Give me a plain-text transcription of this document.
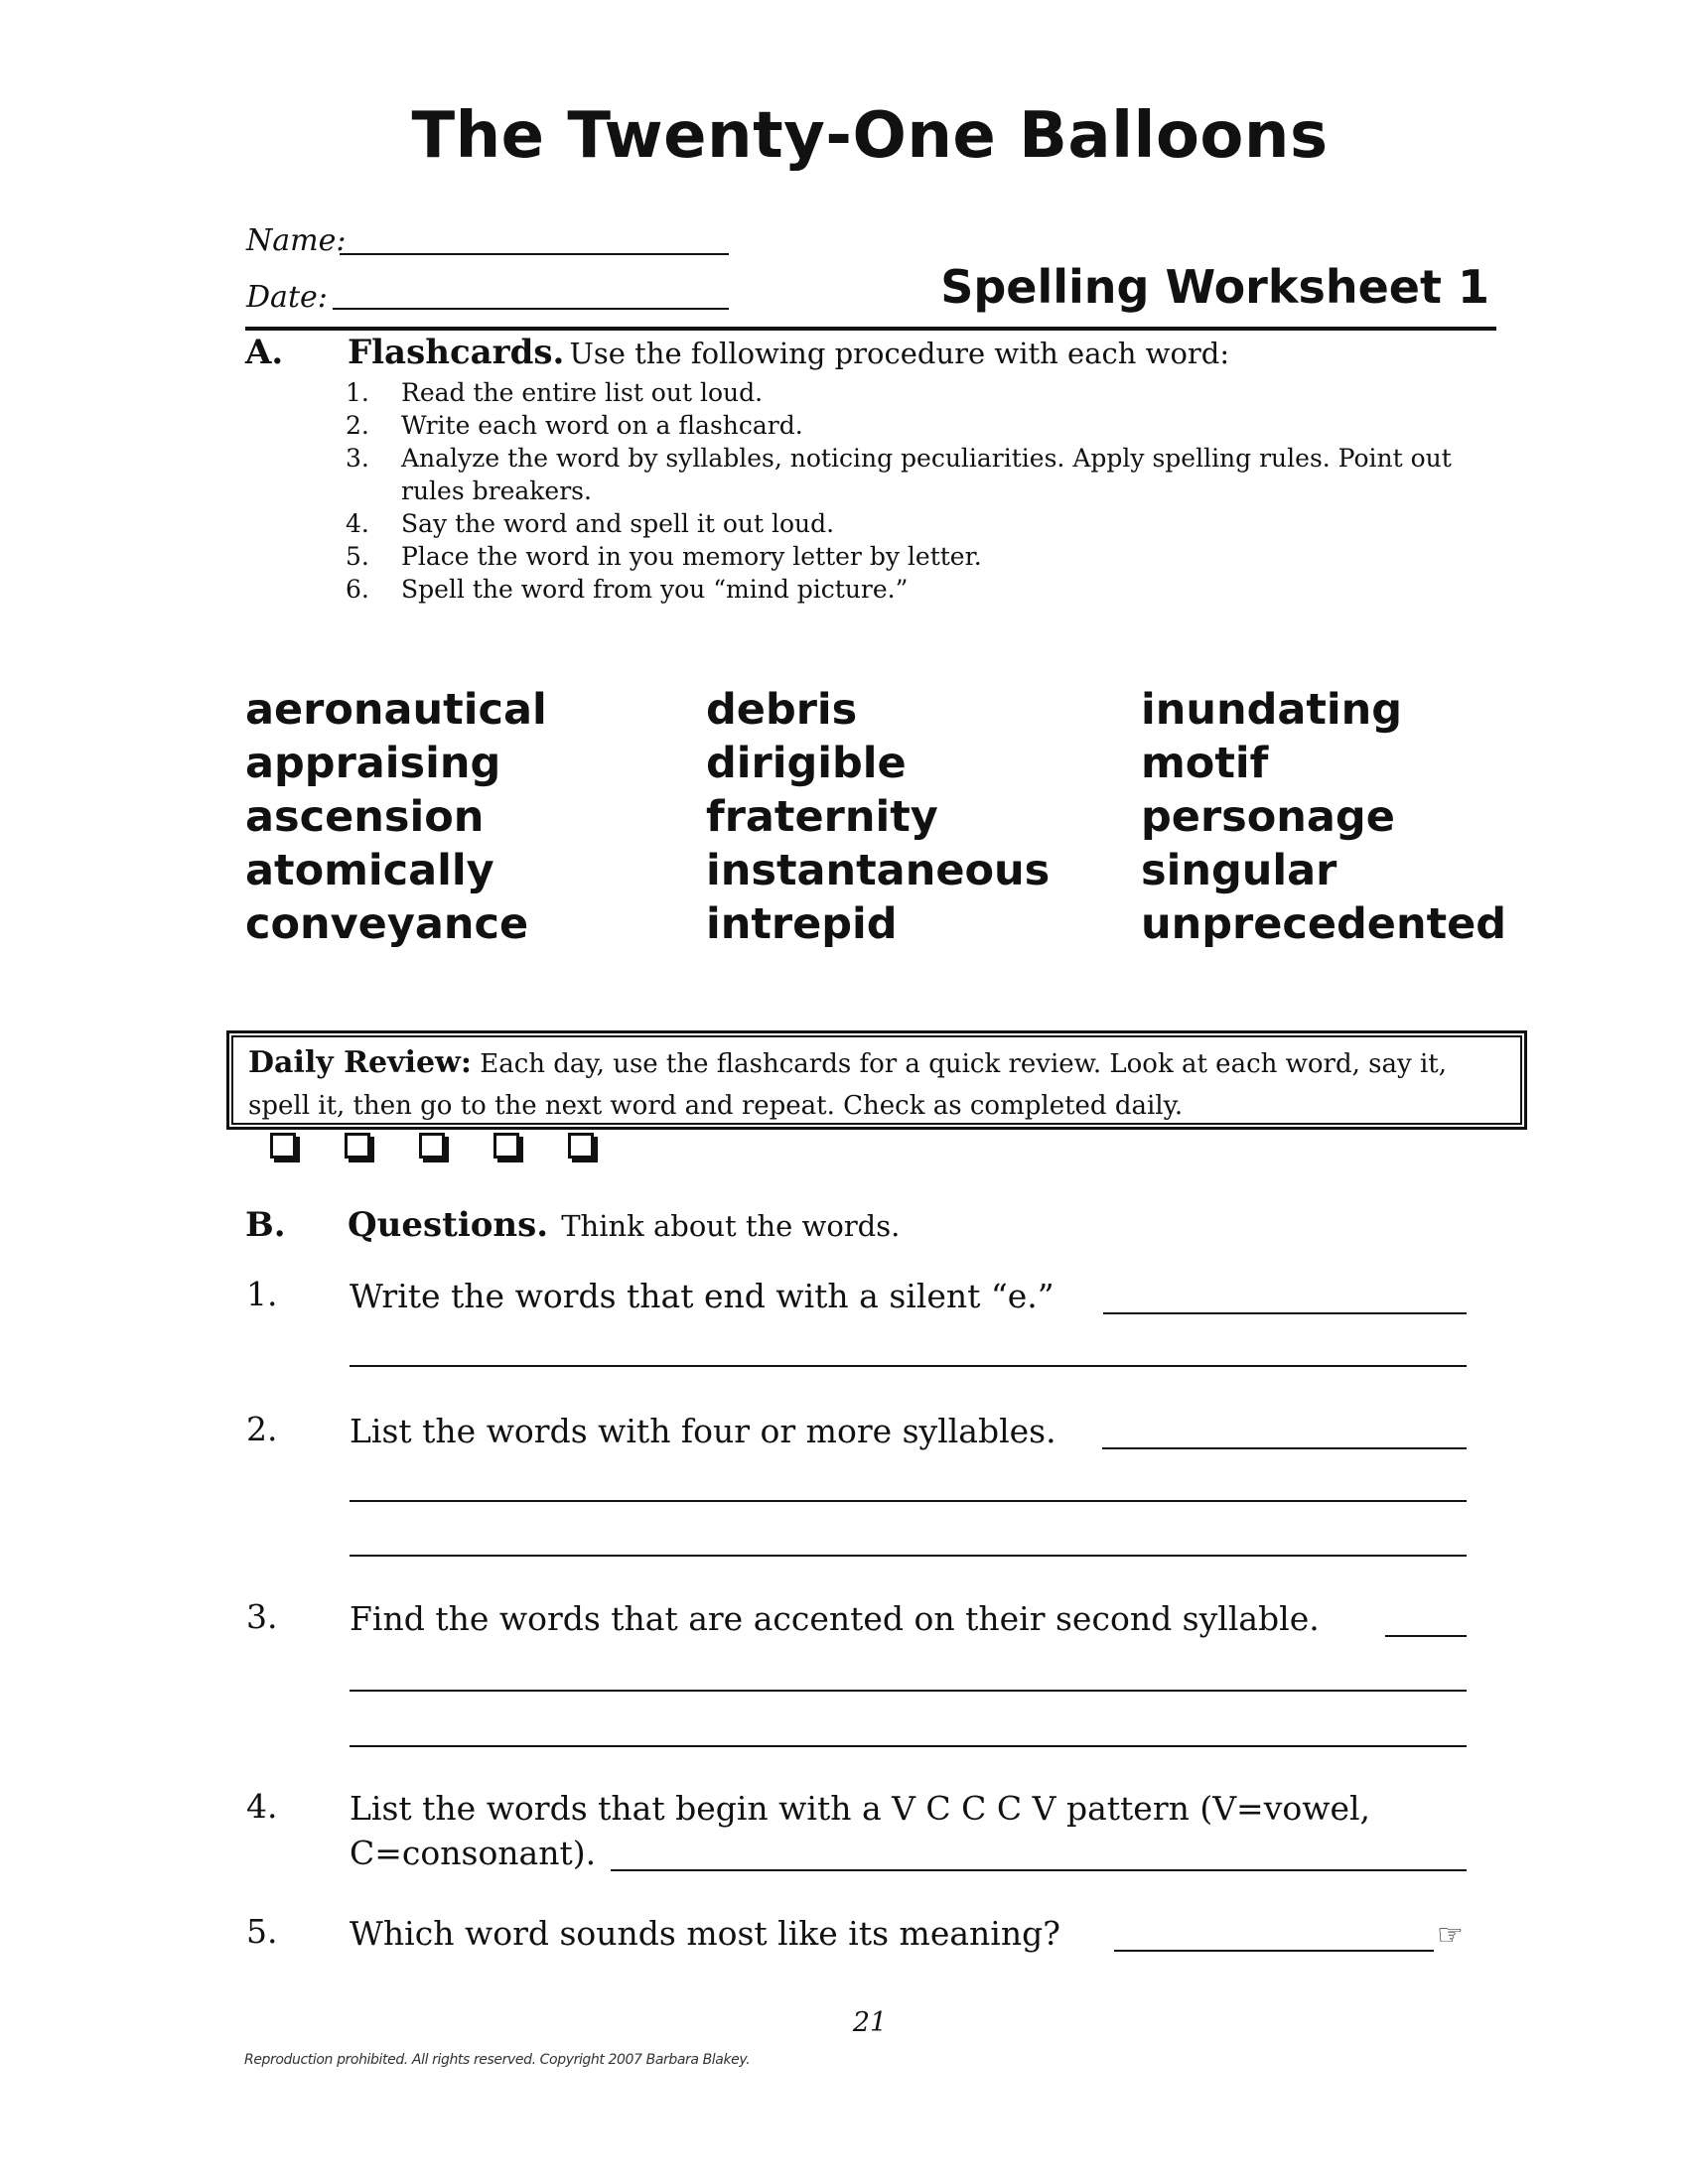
The Twenty-One Balloons
Name:
Date:	Spelling Worksheet 1
A. Flashcards. Use the following procedure with each word:
1. Read the entire list out loud.
2. Write each word on a flashcard.
3. Analyze the word by syllables, noticing peculiarities. Apply spelling rules. Point out rules breakers.
4. Say the word and spell it out loud.
5. Place the word in you memory letter by letter.
6. Spell the word from you “mind picture.”
aeronautical	debris	inundating
appraising	dirigible	motif
ascension	fraternity	personage
atomically	instantaneous	singular
conveyance	intrepid	unprecedented
Daily Review: Each day, use the flashcards for a quick review. Look at each word, say it,
spell it, then go to the next word and repeat. Check as completed daily.
B. Questions. Think about the words.
1. Write the words that end with a silent “e.”
2. List the words with four or more syllables.
3. Find the words that are accented on their second syllable.
4. List the words that begin with a V C C C V pattern (V=vowel,
C=consonant).
5. Which word sounds most like its meaning?	☞
21
Reproduction prohibited. All rights reserved. Copyright 2007 Barbara Blakey.
